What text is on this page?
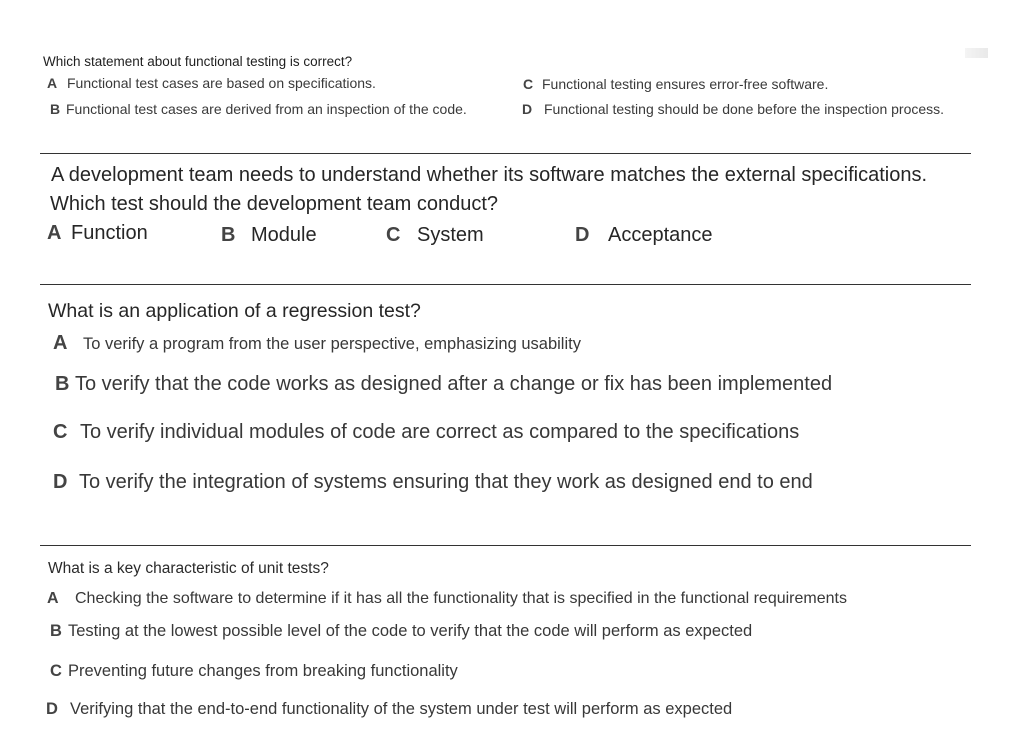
Which statement about functional testing is correct?
A Functional test cases are based on specifications.
B Functional test cases are derived from an inspection of the code.
C Functional testing ensures error-free software.
D Functional testing should be done before the inspection process.
A development team needs to understand whether its software matches the external specifications.
Which test should the development team conduct?
A Function	B Module	C System	D Acceptance
What is an application of a regression test?
A To verify a program from the user perspective, emphasizing usability
B To verify that the code works as designed after a change or fix has been implemented
C To verify individual modules of code are correct as compared to the specifications
D To verify the integration of systems ensuring that they work as designed end to end
What is a key characteristic of unit tests?
A Checking the software to determine if it has all the functionality that is specified in the functional requirements
B Testing at the lowest possible level of the code to verify that the code will perform as expected
C Preventing future changes from breaking functionality
D Verifying that the end-to-end functionality of the system under test will perform as expected
